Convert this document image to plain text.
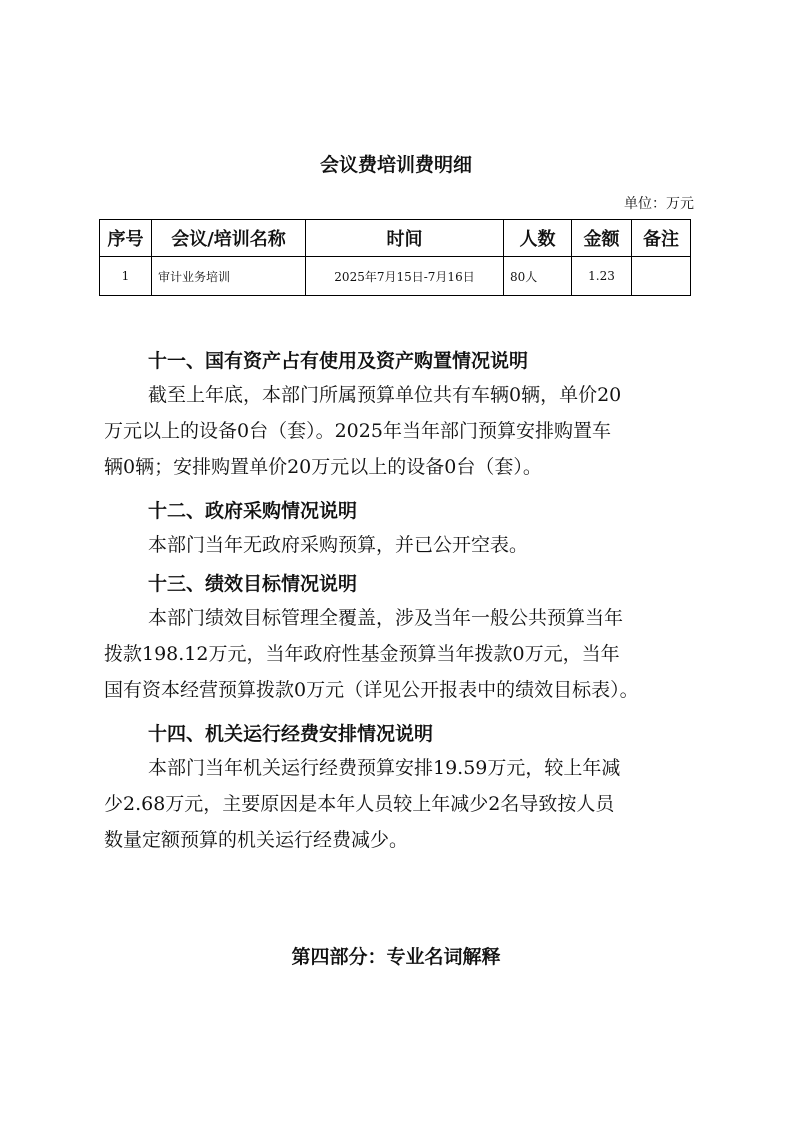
会议费培训费明细
单位：万元
序号	会议/培训名称	时间	人数	金额	备注
1	审计业务培训	2025年7月15日-7月16日	80人	1.23	
十一、国有资产占有使用及资产购置情况说明
截至上年底，本部门所属预算单位共有车辆0辆，单价20
万元以上的设备0台（套）。2025年当年部门预算安排购置车
辆0辆；安排购置单价20万元以上的设备0台（套）。
十二、政府采购情况说明
本部门当年无政府采购预算，并已公开空表。
十三、绩效目标情况说明
本部门绩效目标管理全覆盖，涉及当年一般公共预算当年
拨款198.12万元，当年政府性基金预算当年拨款0万元，当年
国有资本经营预算拨款0万元（详见公开报表中的绩效目标表）。
十四、机关运行经费安排情况说明
本部门当年机关运行经费预算安排19.59万元，较上年减
少2.68万元，主要原因是本年人员较上年减少2名导致按人员
数量定额预算的机关运行经费减少。
第四部分：专业名词解释
